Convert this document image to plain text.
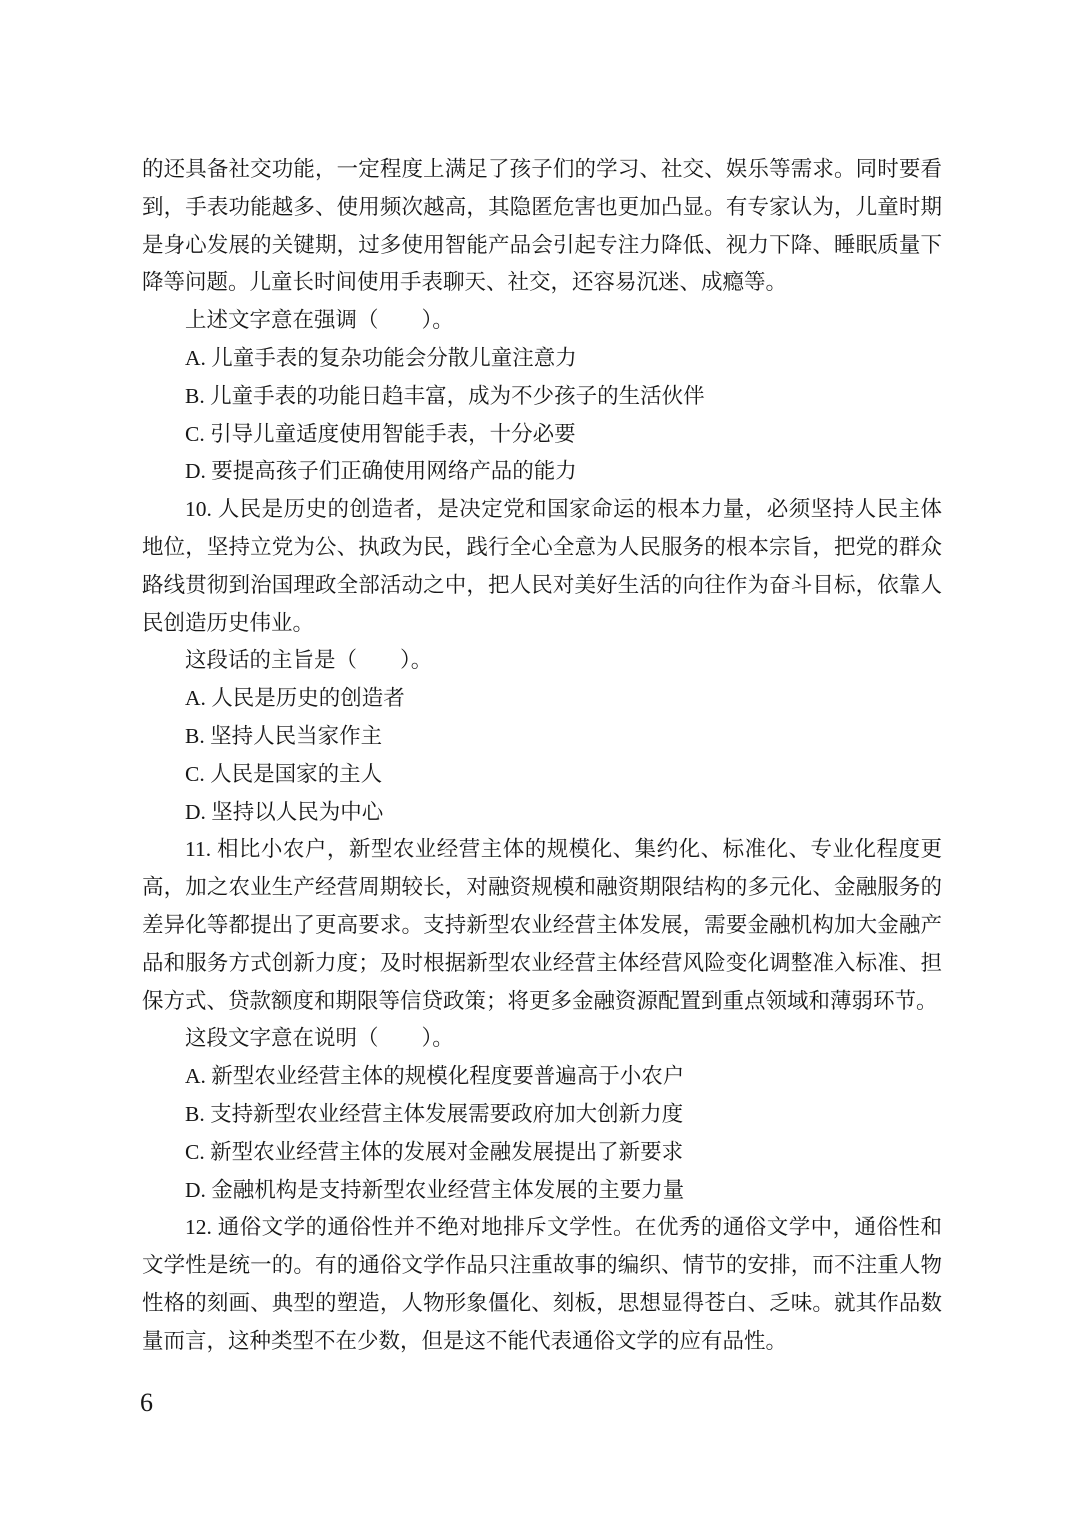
的还具备社交功能，一定程度上满足了孩子们的学习、社交、娱乐等需求。同时要看到，手表功能越多、使用频次越高，其隐匿危害也更加凸显。有专家认为，儿童时期是身心发展的关键期，过多使用智能产品会引起专注力降低、视力下降、睡眠质量下降等问题。儿童长时间使用手表聊天、社交，还容易沉迷、成瘾等。

上述文字意在强调（　　）。

A. 儿童手表的复杂功能会分散儿童注意力

B. 儿童手表的功能日趋丰富，成为不少孩子的生活伙伴

C. 引导儿童适度使用智能手表，十分必要

D. 要提高孩子们正确使用网络产品的能力

10. 人民是历史的创造者，是决定党和国家命运的根本力量，必须坚持人民主体地位，坚持立党为公、执政为民，践行全心全意为人民服务的根本宗旨，把党的群众路线贯彻到治国理政全部活动之中，把人民对美好生活的向往作为奋斗目标，依靠人民创造历史伟业。

这段话的主旨是（　　）。

A. 人民是历史的创造者

B. 坚持人民当家作主

C. 人民是国家的主人

D. 坚持以人民为中心

11. 相比小农户，新型农业经营主体的规模化、集约化、标准化、专业化程度更高，加之农业生产经营周期较长，对融资规模和融资期限结构的多元化、金融服务的差异化等都提出了更高要求。支持新型农业经营主体发展，需要金融机构加大金融产品和服务方式创新力度；及时根据新型农业经营主体经营风险变化调整准入标准、担保方式、贷款额度和期限等信贷政策；将更多金融资源配置到重点领域和薄弱环节。

这段文字意在说明（　　）。

A. 新型农业经营主体的规模化程度要普遍高于小农户

B. 支持新型农业经营主体发展需要政府加大创新力度

C. 新型农业经营主体的发展对金融发展提出了新要求

D. 金融机构是支持新型农业经营主体发展的主要力量

12. 通俗文学的通俗性并不绝对地排斥文学性。在优秀的通俗文学中，通俗性和文学性是统一的。有的通俗文学作品只注重故事的编织、情节的安排，而不注重人物性格的刻画、典型的塑造，人物形象僵化、刻板，思想显得苍白、乏味。就其作品数量而言，这种类型不在少数，但是这不能代表通俗文学的应有品性。

6
